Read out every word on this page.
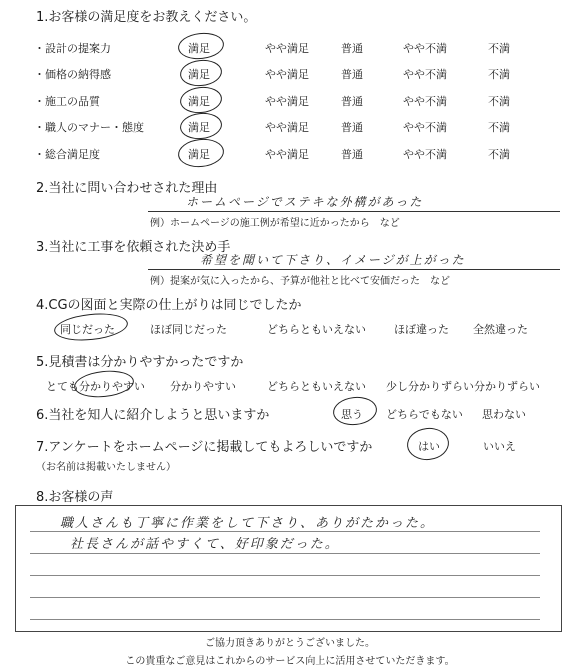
1.お客様の満足度をお教えください。
・設計の提案力	満足	やや満足	普通	やや不満	不満
・価格の納得感	満足	やや満足	普通	やや不満	不満
・施工の品質	満足	やや満足	普通	やや不満	不満
・職人のマナー・態度	満足	やや満足	普通	やや不満	不満
・総合満足度	満足	やや満足	普通	やや不満	不満
2.当社に問い合わせされた理由
ホームページでステキな外構があった
例）ホームページの施工例が希望に近かったから　など
3.当社に工事を依頼された決め手
希望を聞いて下さり、イメージが上がった
例）提案が気に入ったから、予算が他社と比べて安価だった　など
4.CGの図面と実際の仕上がりは同じでしたか
同じだった	ほぼ同じだった	どちらともいえない	ほぼ違った 全然違った
5.見積書は分かりやすかったですか
とても分かりやすい 分かりやすい	どちらともいえない 少し分かりずらい 分かりずらい
6.当社を知人に紹介しようと思いますか	思う どちらでもない 思わない
7.アンケートをホームページに掲載してもよろしいですか
（お名前は掲載いたしません）
はい	いいえ
8.お客様の声
職人さんも丁寧に作業をして下さり、ありがたかった。
社長さんが話やすくて、好印象だった。
ご協力頂きありがとうございました。
この貴重なご意見はこれからのサービス向上に活用させていただきます。
